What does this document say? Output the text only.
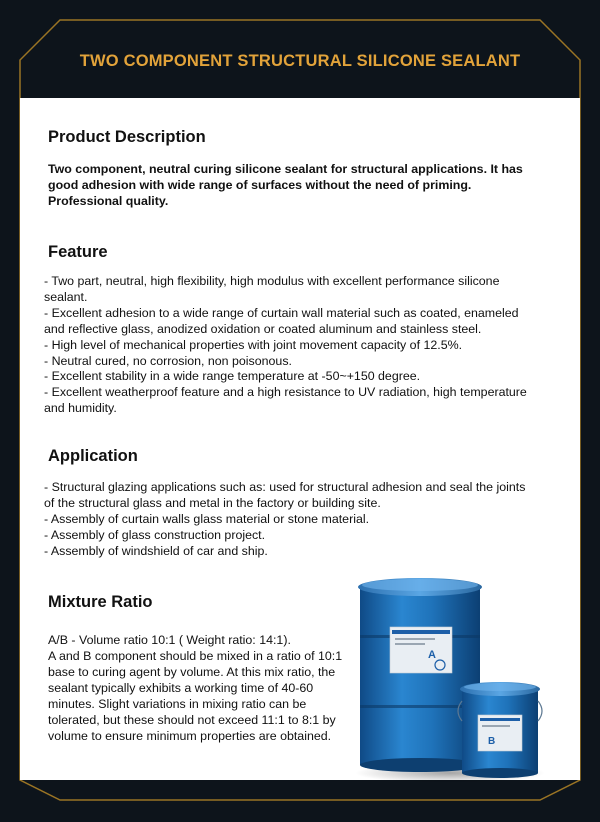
TWO COMPONENT STRUCTURAL SILICONE SEALANT
Product Description
Two component, neutral curing silicone sealant for structural applications. It has good adhesion with wide range of surfaces without the need of priming. Professional quality.
Feature
- Two part, neutral, high flexibility, high modulus with excellent performance silicone sealant.
- Excellent adhesion to a wide range of curtain wall material such as coated, enameled and reflective glass, anodized oxidation or coated aluminum and stainless steel.
- High level of mechanical properties with joint movement capacity of 12.5%.
- Neutral cured, no corrosion, non poisonous.
- Excellent stability in a wide range temperature at -50~+150 degree.
- Excellent weatherproof feature and a high resistance to UV radiation, high temperature and humidity.
Application
- Structural glazing applications such as: used for structural adhesion and seal the joints of the structural glass and metal in the factory or building site.
- Assembly of curtain walls glass material or stone material.
- Assembly of glass construction project.
- Assembly of windshield of car and ship.
Mixture Ratio
A/B - Volume ratio 10:1 ( Weight ratio: 14:1).
A and B component should be mixed in a ratio of 10:1 base to curing agent by volume. At this mix ratio, the sealant typically exhibits a working time of 40-60 minutes. Slight variations in mixing ratio can be tolerated, but these should not exceed 11:1 to 8:1 by volume to ensure minimum properties are obtained.
A
B
